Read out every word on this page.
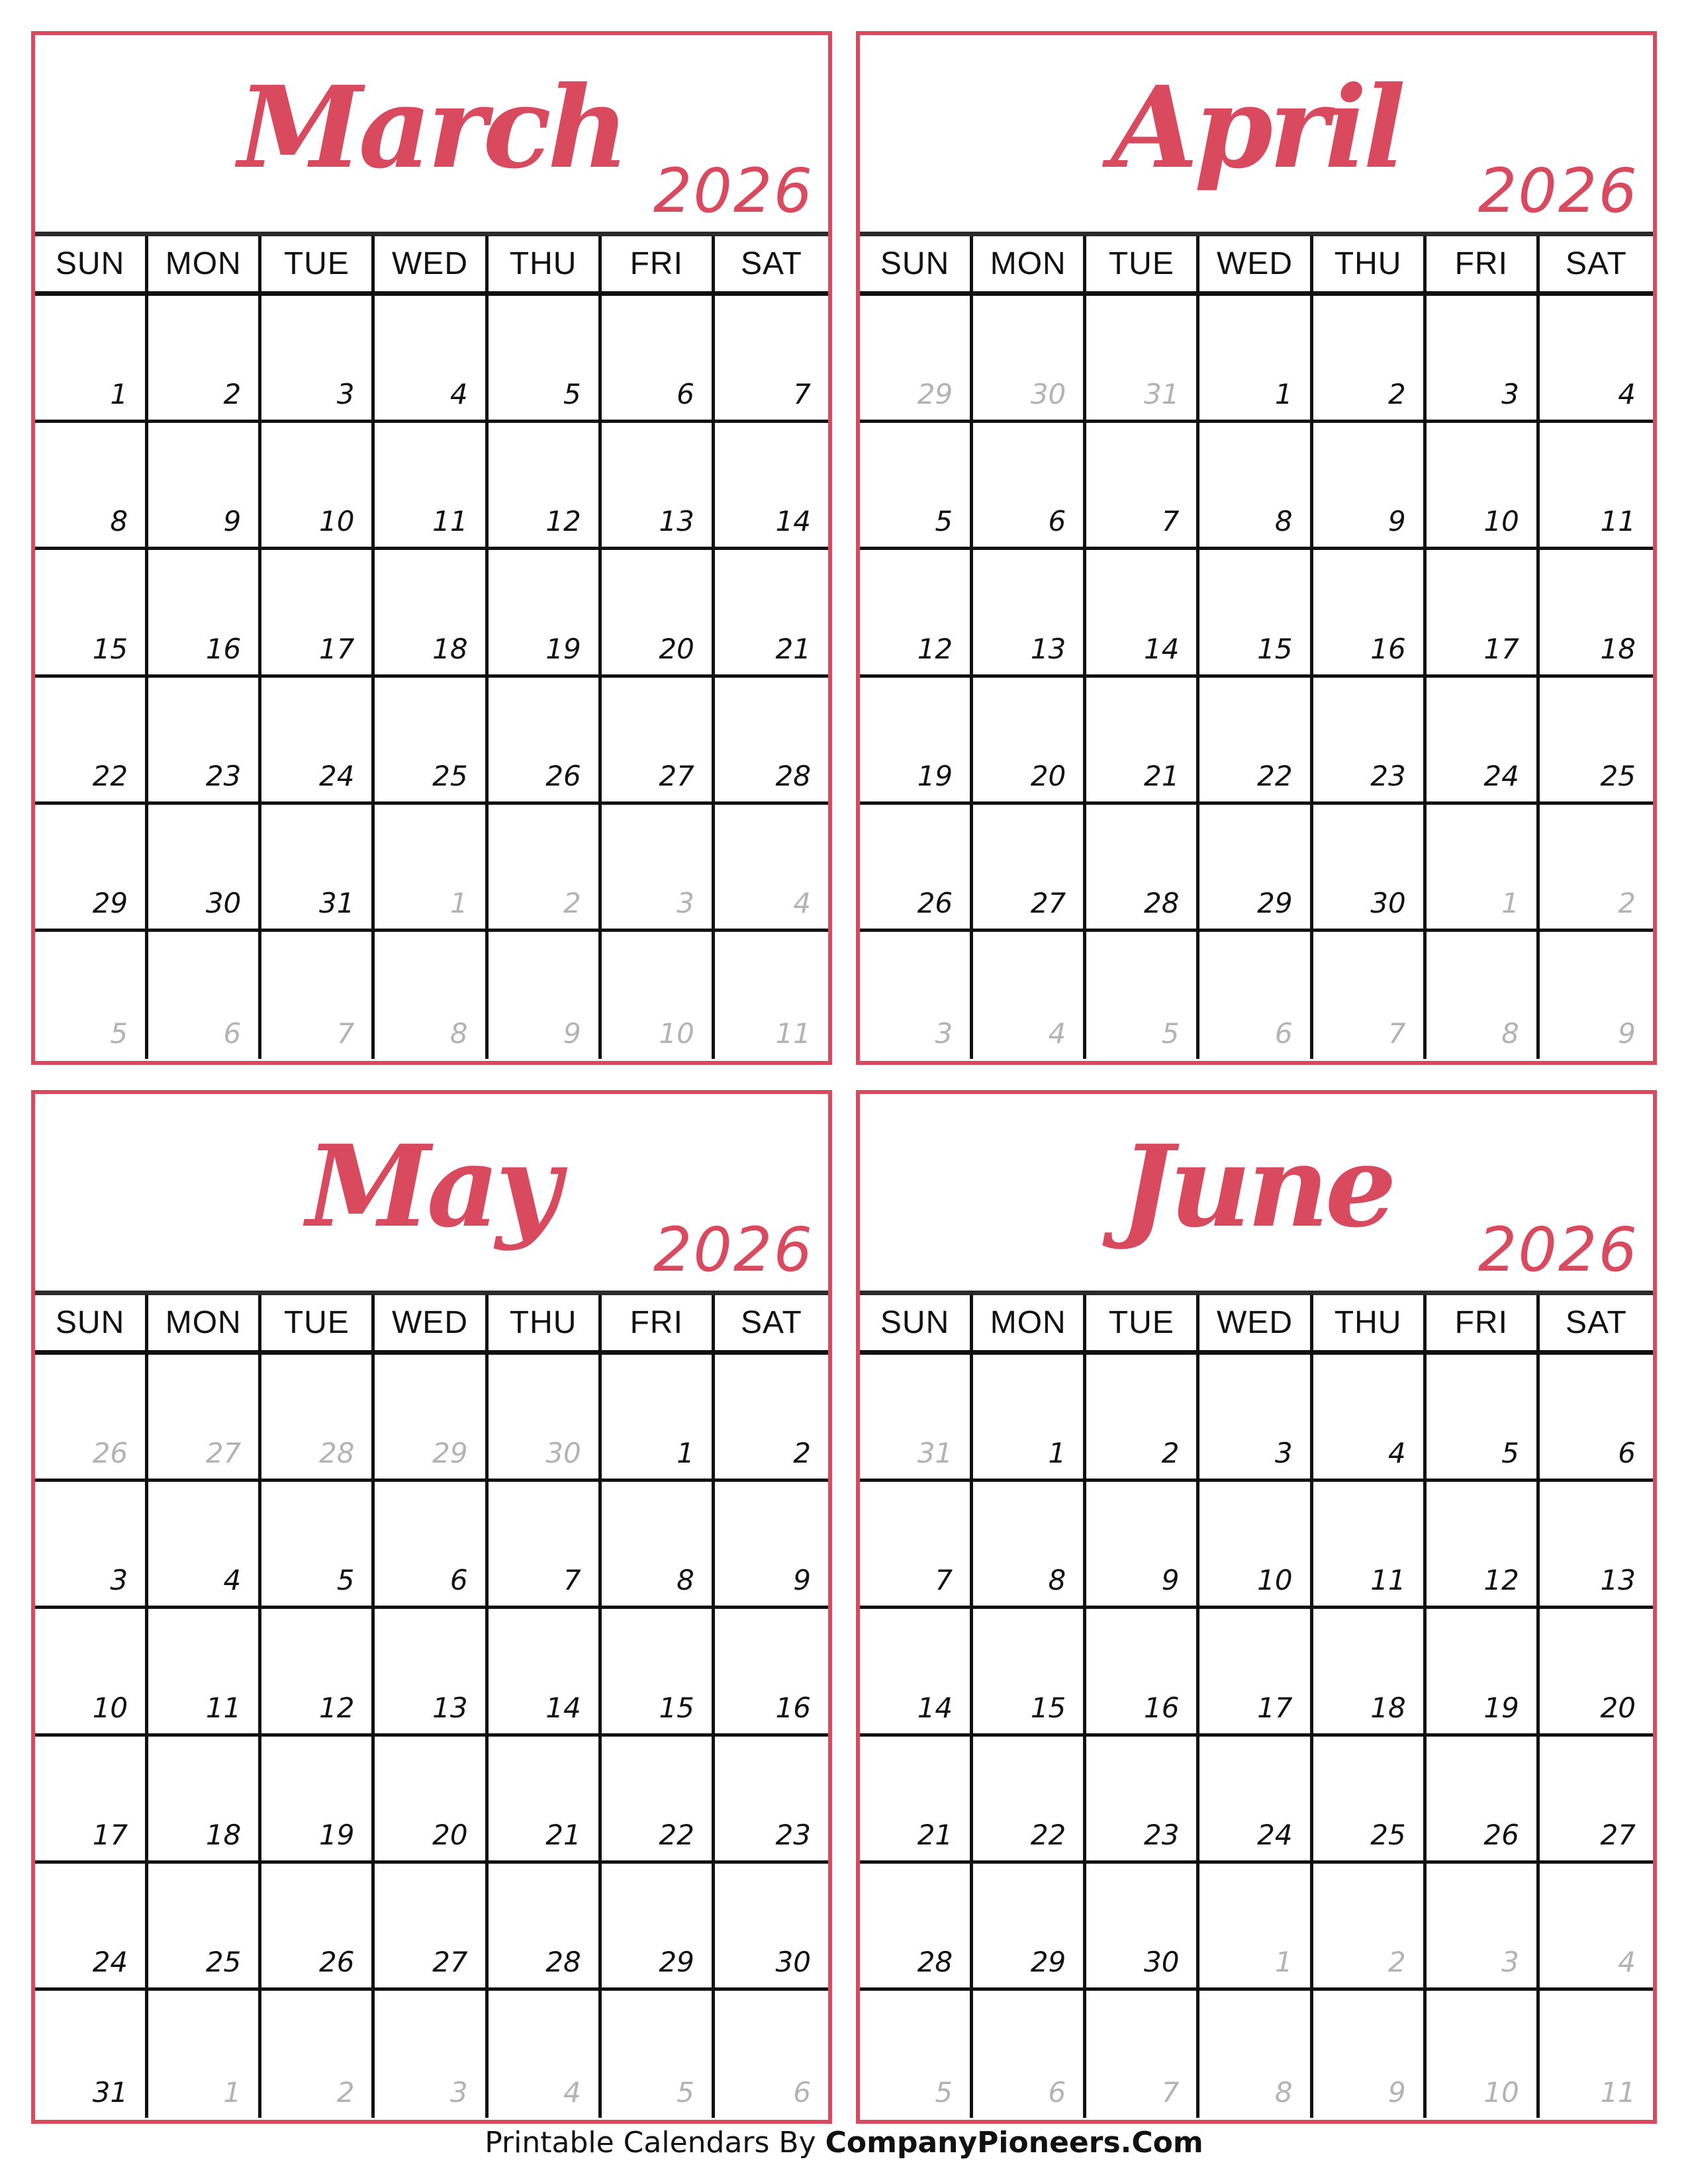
March 2026
SUN	MON	TUE	WED	THU	FRI	SAT
1	2	3	4	5	6	7
8	9	10	11	12	13	14
15	16	17	18	19	20	21
22	23	24	25	26	27	28
29	30	31	1	2	3	4
5	6	7	8	9	10	11
April	2026
SUN	MON	TUE	WED	THU	FRI	SAT
29	30	31	1	2	3	4
5	6	7	8	9	10	11
12	13	14	15	16	17	18
19	20	21	22	23	24	25
26	27	28	29	30	1	2
3	4	5	6	7	8	9
May	2026
SUN	MON	TUE	WED	THU	FRI	SAT
26	27	28	29	30	1	2
3	4	5	6	7	8	9
10	11	12	13	14	15	16
17	18	19	20	21	22	23
24	25	26	27	28	29	30
31	1	2	3	4	5	6
June	2026
SUN	MON	TUE	WED	THU	FRI	SAT
31	1	2	3	4	5	6
7	8	9	10	11	12	13
14	15	16	17	18	19	20
21	22	23	24	25	26	27
28	29	30	1	2	3	4
5	6	7	8	9	10	11
Printable Calendars By CompanyPioneers.Com
